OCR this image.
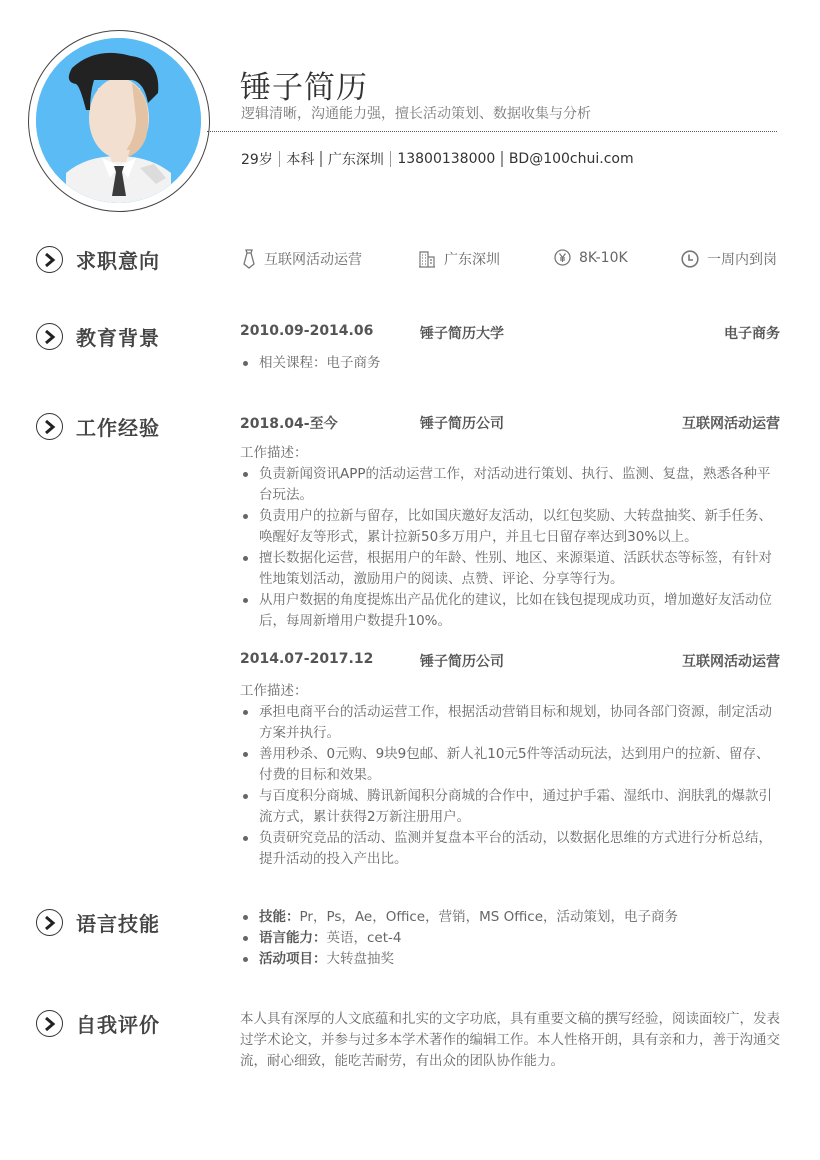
锤子简历
逻辑清晰，沟通能力强，擅长活动策划、数据收集与分析
29岁 本科 广东深圳 13800138000 BD@100chui.com
求职意向	互联网活动运营	广东深圳	8K-10K	一周内到岗
教育背景	2010.09-2014.06	锤子简历大学	电子商务
相关课程：电子商务
工作经验	2018.04-至今	锤子简历公司	互联网活动运营
工作描述：
负责新闻资讯APP的活动运营工作，对活动进行策划、执行、监测、复盘，熟悉各种平台玩法。
负责用户的拉新与留存，比如国庆邀好友活动，以红包奖励、大转盘抽奖、新手任务、唤醒好友等形式，累计拉新50多万用户，并且七日留存率达到30%以上。
擅长数据化运营，根据用户的年龄、性别、地区、来源渠道、活跃状态等标签，有针对性地策划活动，激励用户的阅读、点赞、评论、分享等行为。
从用户数据的角度提炼出产品优化的建议，比如在钱包提现成功页，增加邀好友活动位后，每周新增用户数提升10%。
2014.07-2017.12	锤子简历公司	互联网活动运营
工作描述：
承担电商平台的活动运营工作，根据活动营销目标和规划，协同各部门资源，制定活动方案并执行。
善用秒杀、0元购、9块9包邮、新人礼10元5件等活动玩法，达到用户的拉新、留存、付费的目标和效果。
与百度积分商城、腾讯新闻积分商城的合作中，通过护手霜、湿纸巾、润肤乳的爆款引流方式，累计获得2万新注册用户。
负责研究竞品的活动、监测并复盘本平台的活动，以数据化思维的方式进行分析总结，提升活动的投入产出比。
语言技能	技能：Pr，Ps，Ae，Office，营销，MS Office，活动策划，电子商务
语言能力：英语，cet-4
活动项目：大转盘抽奖
自我评价	本人具有深厚的人文底蕴和扎实的文字功底，具有重要文稿的撰写经验，阅读面较广，发表过学术论文，并参与过多本学术著作的编辑工作。本人性格开朗，具有亲和力，善于沟通交流，耐心细致，能吃苦耐劳，有出众的团队协作能力。
